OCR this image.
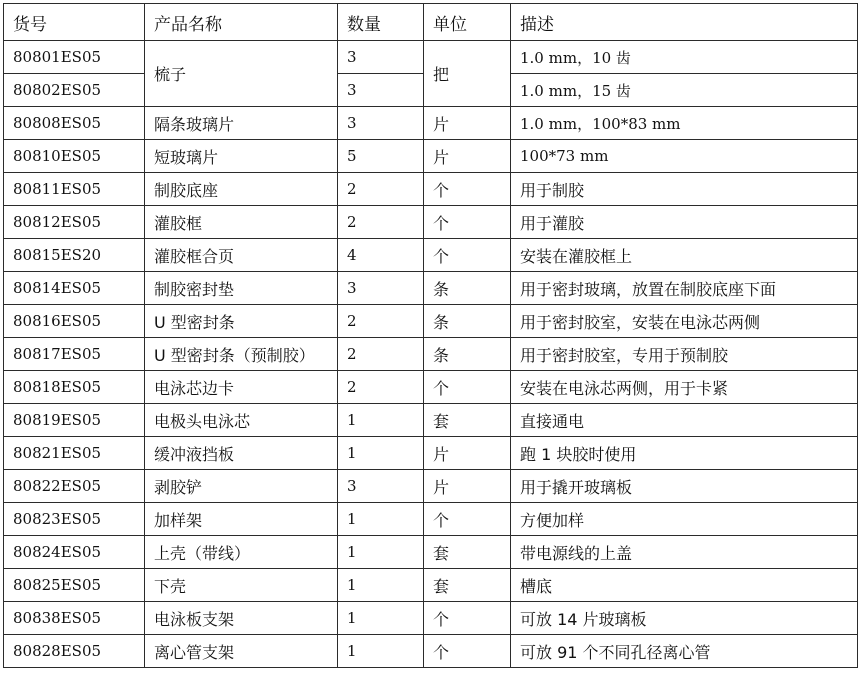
货号	产品名称	数量	单位	描述
80801ES05	梳子	3	把	1.0 mm，10 齿
80802ES05		3		1.0 mm，15 齿
80808ES05	隔条玻璃片	3	片	1.0 mm，100*83 mm
80810ES05	短玻璃片	5	片	100*73 mm
80811ES05	制胶底座	2	个	用于制胶
80812ES05	灌胶框	2	个	用于灌胶
80815ES20	灌胶框合页	4	个	安装在灌胶框上
80814ES05	制胶密封垫	3	条	用于密封玻璃，放置在制胶底座下面
80816ES05	U 型密封条	2	条	用于密封胶室，安装在电泳芯两侧
80817ES05	U 型密封条（预制胶）	2	条	用于密封胶室，专用于预制胶
80818ES05	电泳芯边卡	2	个	安装在电泳芯两侧，用于卡紧
80819ES05	电极头电泳芯	1	套	直接通电
80821ES05	缓冲液挡板	1	片	跑 1 块胶时使用
80822ES05	剥胶铲	3	片	用于撬开玻璃板
80823ES05	加样架	1	个	方便加样
80824ES05	上壳（带线）	1	套	带电源线的上盖
80825ES05	下壳	1	套	槽底
80838ES05	电泳板支架	1	个	可放 14 片玻璃板
80828ES05	离心管支架	1	个	可放 91 个不同孔径离心管
